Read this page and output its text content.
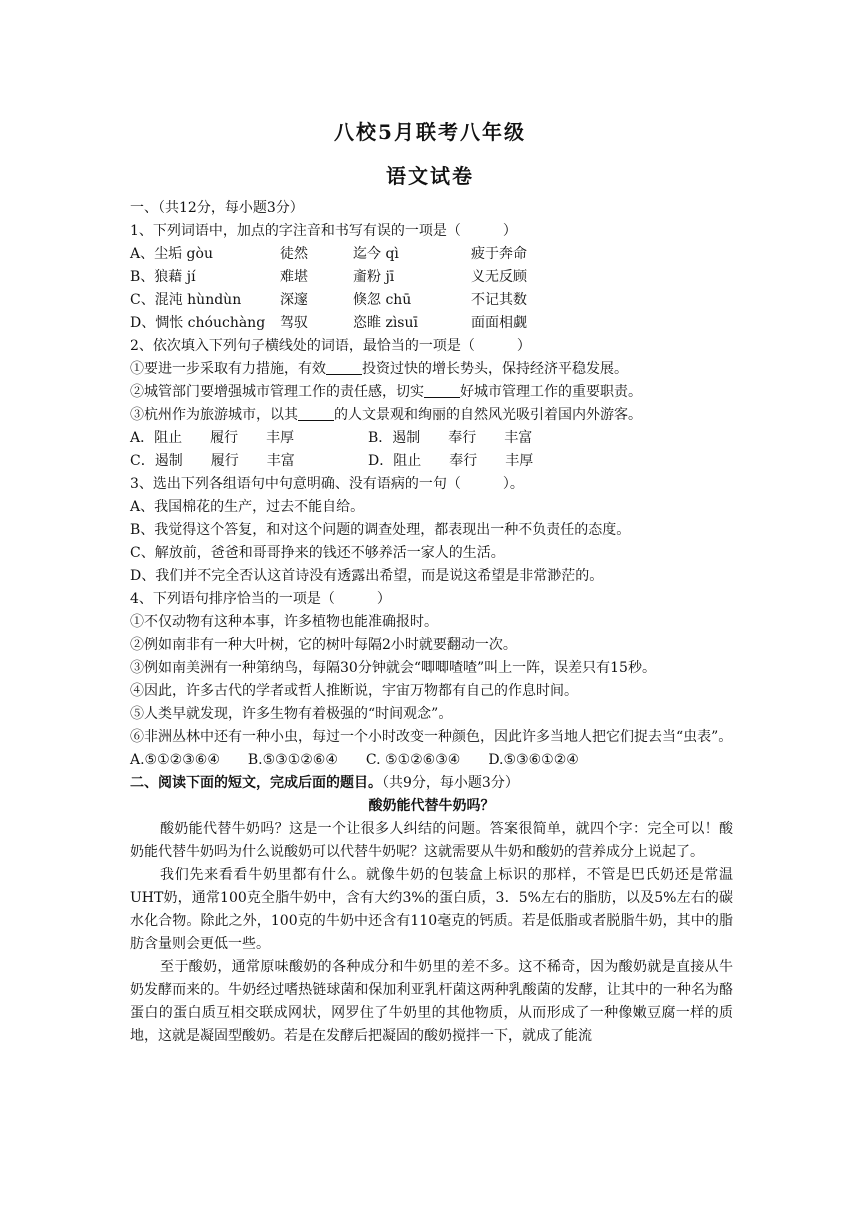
八校5月联考八年级
语文试卷
一、（共12分，每小题3分）
1、下列词语中，加点的字注音和书写有误的一项是（　　　）
A、尘垢 gòu	徒然	迄今 qì	疲于奔命
B、狼藉 jí	难堪	齑粉 jī	义无反顾
C、混沌 hùndùn	深邃	倏忽 chū	不记其数
D、惆怅 chóuchàng 驾驭	恣睢 zìsuī	面面相觑
2、依次填入下列句子横线处的词语，最恰当的一项是（　　　）
①要进一步采取有力措施，有效	投资过快的增长势头，保持经济平稳发展。
②城管部门要增强城市管理工作的责任感，切实	好城市管理工作的重要职责。
③杭州作为旅游城市，以其	的人文景观和绚丽的自然风光吸引着国内外游客。
A．阻止　　履行　　丰厚	B．遏制　　奉行　　丰富
C．遏制　　履行　　丰富	D．阻止　　奉行　　丰厚
3、选出下列各组语句中句意明确、没有语病的一句（　　　）。
A、我国棉花的生产，过去不能自给。
B、我觉得这个答复，和对这个问题的调查处理，都表现出一种不负责任的态度。
C、解放前，爸爸和哥哥挣来的钱还不够养活一家人的生活。
D、我们并不完全否认这首诗没有透露出希望，而是说这希望是非常渺茫的。
4、下列语句排序恰当的一项是（　　　）
①不仅动物有这种本事，许多植物也能准确报时。
②例如南非有一种大叶树，它的树叶每隔2小时就要翻动一次。
③例如南美洲有一种第纳鸟，每隔30分钟就会“唧唧喳喳”叫上一阵，误差只有15秒。
④因此，许多古代的学者或哲人推断说，宇宙万物都有自己的作息时间。
⑤人类早就发现，许多生物有着极强的“时间观念”。
⑥非洲丛林中还有一种小虫，每过一个小时改变一种颜色，因此许多当地人把它们捉去当“虫表”。
A.⑤①②③⑥④　　B.⑤③①②⑥④　　C. ⑤①②⑥③④　　D.⑤③⑥①②④
二、阅读下面的短文，完成后面的题目。（共9分，每小题3分）
酸奶能代替牛奶吗？
酸奶能代替牛奶吗？这是一个让很多人纠结的问题。答案很简单，就四个字：完全可以！酸奶能代替牛奶吗为什么说酸奶可以代替牛奶呢？这就需要从牛奶和酸奶的营养成分上说起了。
我们先来看看牛奶里都有什么。就像牛奶的包装盒上标识的那样，不管是巴氏奶还是常温UHT奶，通常100克全脂牛奶中，含有大约3%的蛋白质，3．5%左右的脂肪，以及5%左右的碳水化合物。除此之外，100克的牛奶中还含有110毫克的钙质。若是低脂或者脱脂牛奶，其中的脂肪含量则会更低一些。
至于酸奶，通常原味酸奶的各种成分和牛奶里的差不多。这不稀奇，因为酸奶就是直接从牛奶发酵而来的。牛奶经过嗜热链球菌和保加利亚乳杆菌这两种乳酸菌的发酵，让其中的一种名为酪蛋白的蛋白质互相交联成网状，网罗住了牛奶里的其他物质，从而形成了一种像嫩豆腐一样的质地，这就是凝固型酸奶。若是在发酵后把凝固的酸奶搅拌一下，就成了能流
